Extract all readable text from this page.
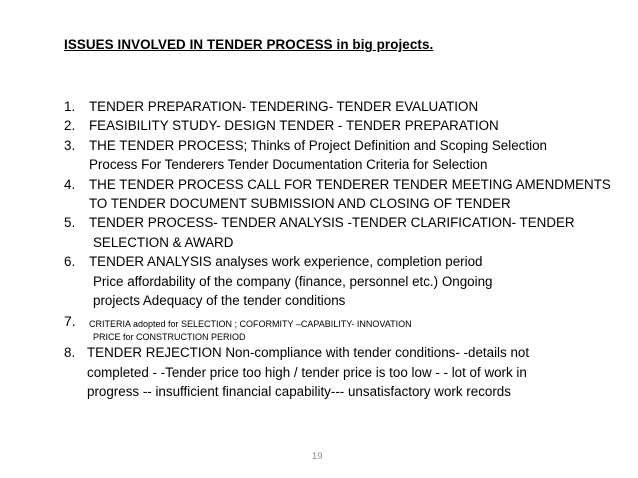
ISSUES INVOLVED IN TENDER PROCESS in big projects.
1. TENDER PREPARATION- TENDERING- TENDER EVALUATION
2. FEASIBILITY STUDY- DESIGN TENDER - TENDER PREPARATION
3. THE TENDER PROCESS; Thinks of Project Definition and Scoping Selection
Process For Tenderers Tender Documentation Criteria for Selection
4. THE TENDER PROCESS CALL FOR TENDERER TENDER MEETING AMENDMENTS
TO TENDER DOCUMENT SUBMISSION AND CLOSING OF TENDER
5. TENDER PROCESS- TENDER ANALYSIS -TENDER CLARIFICATION- TENDER
SELECTION & AWARD
6. TENDER ANALYSIS analyses work experience, completion period
Price affordability of the company (finance, personnel etc.) Ongoing
projects Adequacy of the tender conditions
7. CRITERIA adopted for SELECTION ; COFORMITY –CAPABILITY- INNOVATION
PRICE for CONSTRUCTION PERIOD
8. TENDER REJECTION Non-compliance with tender conditions- -details not
completed - -Tender price too high / tender price is too low - - lot of work in
progress -- insufficient financial capability--- unsatisfactory work records
19
